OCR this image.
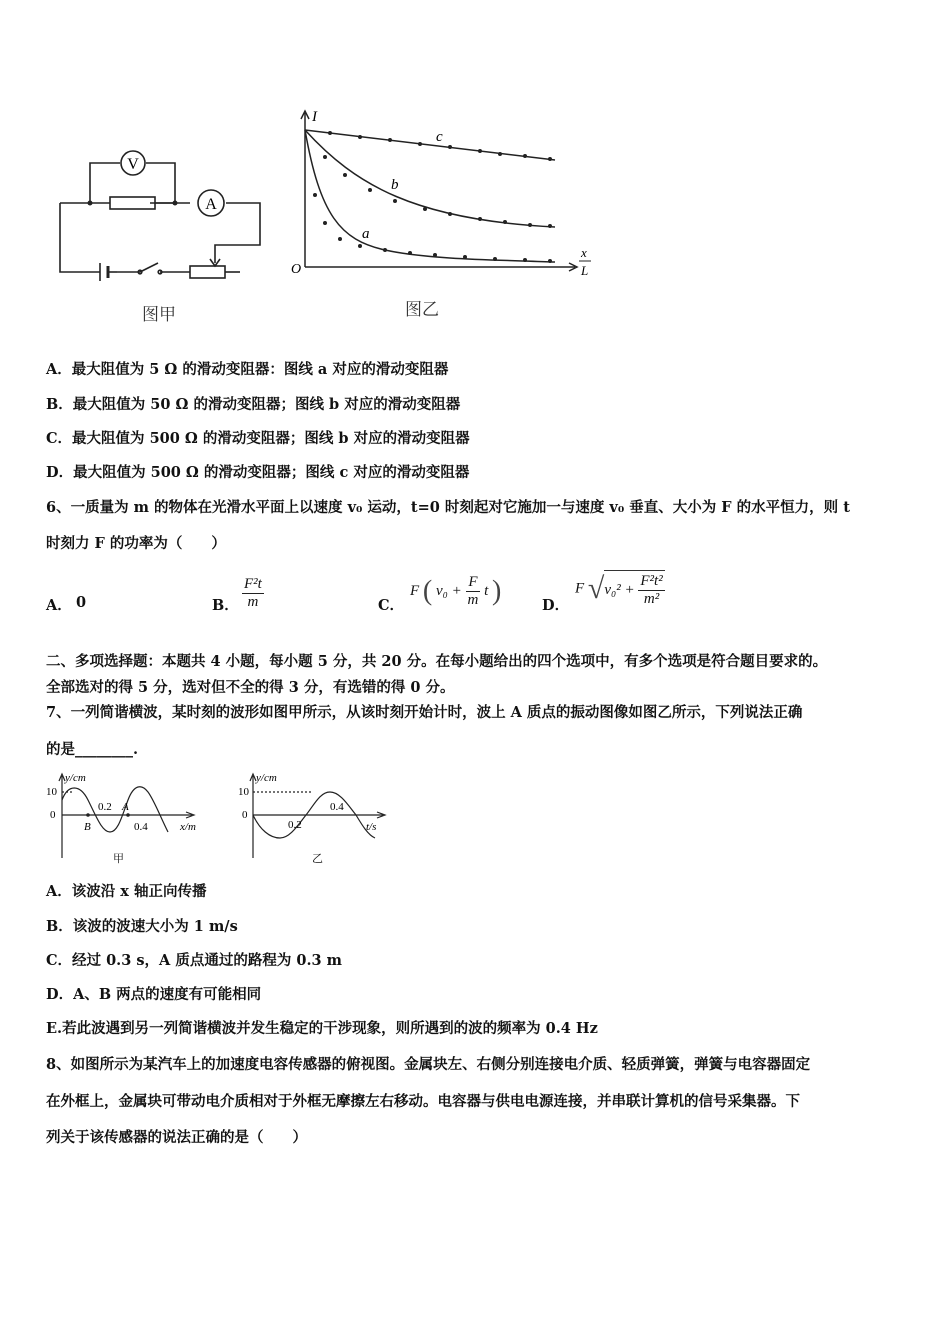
V
A
图甲
I
O
x
L
c
b
a
图乙
A．最大阻值为 5 Ω 的滑动变阻器：图线 a 对应的滑动变阻器
B．最大阻值为 50 Ω 的滑动变阻器；图线 b 对应的滑动变阻器
C．最大阻值为 500 Ω 的滑动变阻器；图线 b 对应的滑动变阻器
D．最大阻值为 500 Ω 的滑动变阻器；图线 c 对应的滑动变阻器
6、一质量为 m 的物体在光滑水平面上以速度 v₀ 运动，t=0 时刻起对它施加一与速度 v₀ 垂直、大小为 F 的水平恒力，则 t
时刻力 F 的功率为（　　）
A． 0	B． $\frac{\text{F²t}}{m}$	C．
F ( $v_0 + \frac{F}{m}$ t )	D．
F $√v_0^2 + \frac{\text{F²t²}}{\text{m²}}$
二、多项选择题：本题共 4 小题，每小题 5 分，共 20 分。在每小题给出的四个选项中，有多个选项是符合题目要求的。
全部选对的得 5 分，选对但不全的得 3 分，有选错的得 0 分。
7、一列简谐横波，某时刻的波形如图甲所示，从该时刻开始计时，波上 A 质点的振动图像如图乙所示，下列说法正确
的是________.
y/cm
10
0
0.2 A
B	0.4	x/m
甲
y/cm
10
0
0.2
0.4
t/s
乙
A．该波沿 x 轴正向传播
B．该波的波速大小为 1 m/s
C．经过 0.3 s，A 质点通过的路程为 0.3 m
D．A、B 两点的速度有可能相同
E.若此波遇到另一列简谐横波并发生稳定的干涉现象，则所遇到的波的频率为 0.4 Hz
8、如图所示为某汽车上的加速度电容传感器的俯视图。金属块左、右侧分别连接电介质、轻质弹簧，弹簧与电容器固定
在外框上，金属块可带动电介质相对于外框无摩擦左右移动。电容器与供电电源连接，并串联计算机的信号采集器。下
列关于该传感器的说法正确的是（　　）
